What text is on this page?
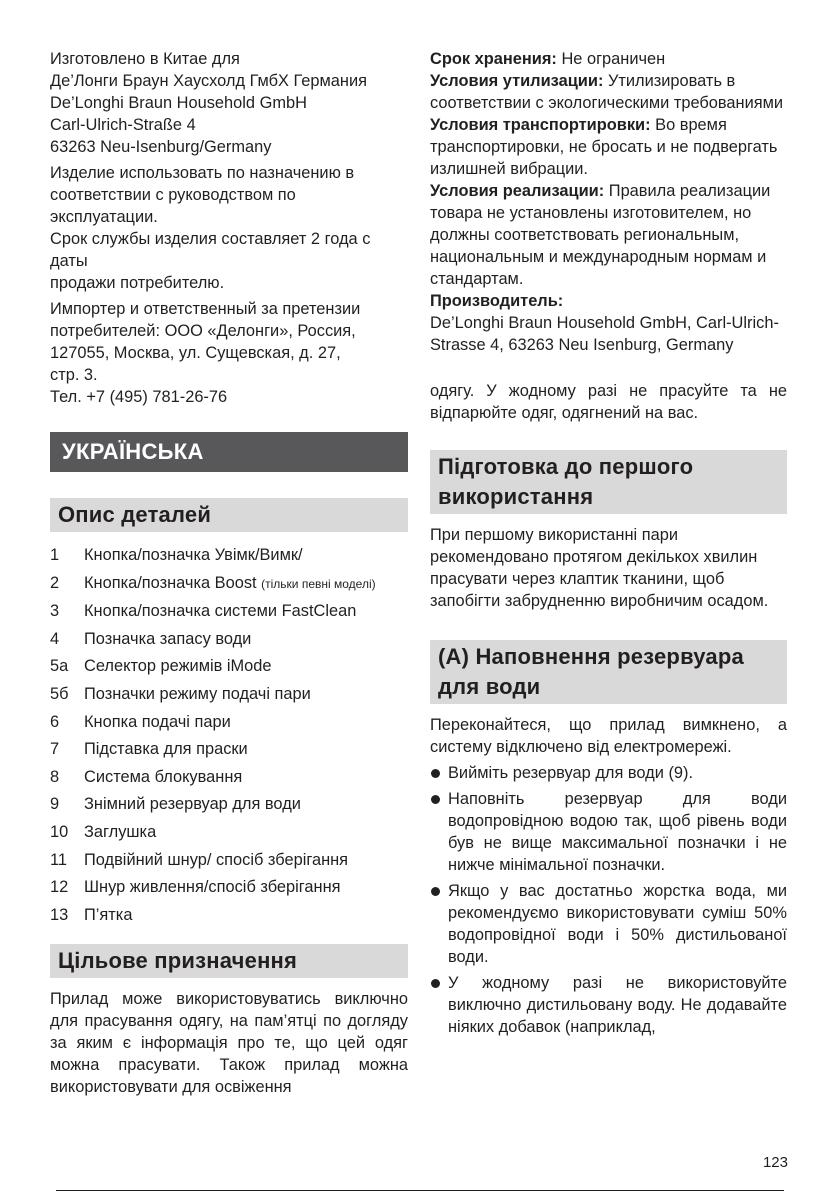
Изготовлено в Китае для
Де’Лонги Браун Хаусхолд ГмбХ Германия
De’Longhi Braun Household GmbH
Carl-Ulrich-Straße 4
63263 Neu-Isenburg/Germany
Изделие использовать по назначению в соответствии с руководством по эксплуатации.
Срок службы изделия составляет 2 года с даты
продажи потребителю.
Импортер и ответственный за претензии
потребителей: ООО «Делонги», Россия,
127055, Москва, ул. Сущевская, д. 27,
стр. 3.
Тел. +7 (495) 781-26-76
УКРАЇНСЬКА
Опис деталей
1	Кнопка/позначка Увімк/Вимк/
2	Кнопка/позначка Boost (тільки певні моделі)
3	Кнопка/позначка системи FastClean
4	Позначка запасу води
5а Селектор режимів iMode
5б Позначки режиму подачі пари
6	Кнопка подачі пари
7	Підставка для праски
8	Система блокування
9	Знімний резервуар для води
10 Заглушка
11	Подвійний шнур/ спосіб зберігання
12 Шнур живлення/спосіб зберігання
13 П’ятка
Цільове призначення
Прилад може використовуватись виключно для прасування одягу, на пам’ятці по догляду за яким є інформація про те, що цей одяг можна прасувати. Також прилад можна використовувати для освіження
Срок хранения: Не ограничен
Условия утилизации: Утилизировать в соответствии с экологическими требованиями
Условия транспортировки: Во время транспортировки, не бросать и не подвергать излишней вибрации.
Условия реализации: Правила реализации товара не установлены изготовителем, но должны соответствовать региональным, национальным и международным нормам и стандартам.
Производитель:
De’Longhi Braun Household GmbH, Carl-Ulrich-Strasse 4, 63263 Neu Isenburg, Germany
одягу. У жодному разі не прасуйте та не відпарюйте одяг, одягнений на вас.
Підготовка до першого використання
При першому використанні пари рекомендовано протягом декількох хвилин прасувати через клаптик тканини, щоб запобігти забрудненню виробничим осадом.
(A) Наповнення резервуара для води
Переконайтеся, що прилад вимкнено, а систему відключено від електромережі.
Вийміть резервуар для води (9).
Наповніть резервуар для води водопровідною водою так, щоб рівень води був не вище максимальної позначки і не нижче мінімальної позначки.
Якщо у вас достатньо жорстка вода, ми рекомендуємо використовувати суміш 50% водопровідної води і 50% дистильованої води.
У жодному разі не використовуйте виключно дистильовану воду. Не додавайте ніяких добавок (наприклад,
123
